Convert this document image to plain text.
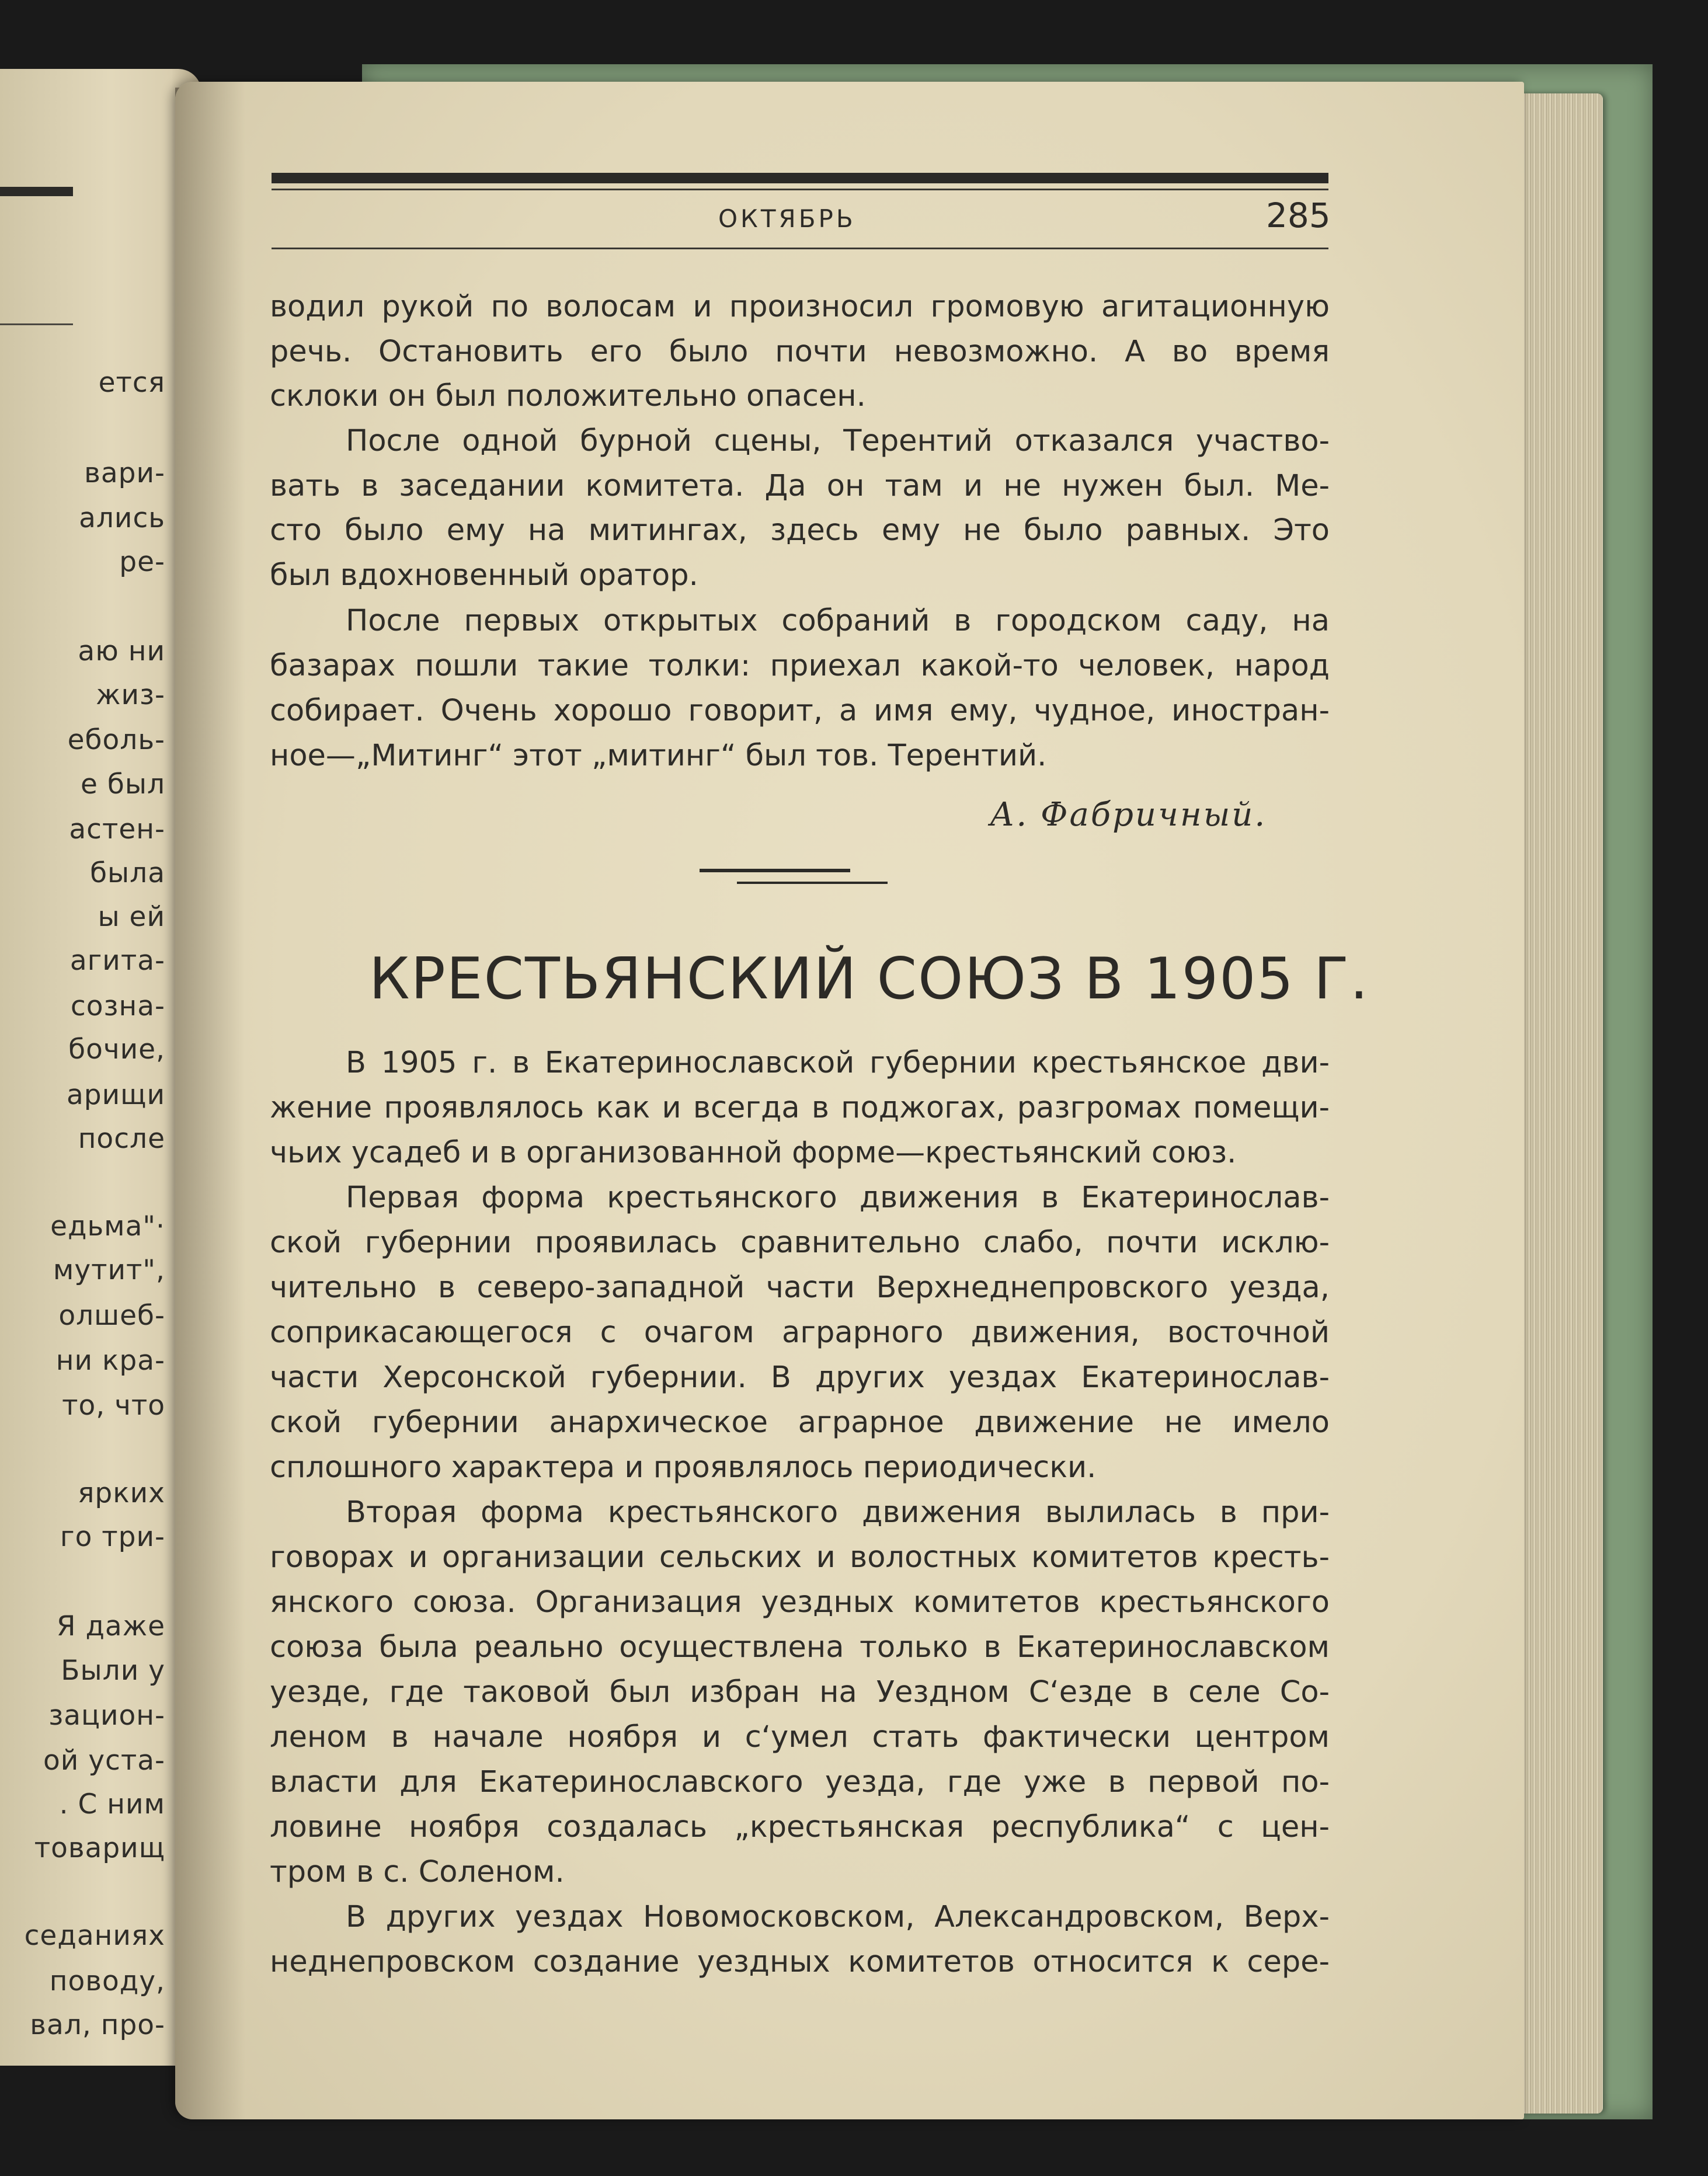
ется
вари-
ались
ре-
аю ни
жиз-
еболь-
е был
астен-
была
ы ей
агита-
созна-
бочие,
арищи
после
едьма"·
мутит",
олшеб-
ни кра-
то, что
ярких
го три-
Я даже
Были у
зацион-
ой уста-
. С ним
товарищ
седаниях
поводу,
вал, про-
ОКТЯБРЬ	285
водил рукой по волосам и произносил громовую агитационную
речь. Остановить его было почти невозможно. А во время
склоки он был положительно опасен.
После одной бурной сцены, Терентий отказался участво-
вать в заседании комитета. Да он там и не нужен был. Ме-
сто было ему на митингах, здесь ему не было равных. Это
был вдохновенный оратор.
После первых открытых собраний в городском саду, на
базарах пошли такие толки: приехал какой-то человек, народ
собирает. Очень хорошо говорит, а имя ему, чудное, иностран-
ное—„Митинг“ этот „митинг“ был тов. Терентий.
А. Фабричный.
КРЕСТЬЯНСКИЙ СОЮЗ В 1905 Г.
В 1905 г. в Екатеринославской губернии крестьянское дви-
жение проявлялось как и всегда в поджогах, разгромах помещи-
чьих усадеб и в организованной форме—крестьянский союз.
Первая форма крестьянского движения в Екатеринослав-
ской губернии проявилась сравнительно слабо, почти исклю-
чительно в северо-западной части Верхнеднепровского уезда,
соприкасающегося с очагом аграрного движения, восточной
части Херсонской губернии. В других уездах Екатеринослав-
ской губернии анархическое аграрное движение не имело
сплошного характера и проявлялось периодически.
Вторая форма крестьянского движения вылилась в при-
говорах и организации сельских и волостных комитетов кресть-
янского союза. Организация уездных комитетов крестьянского
союза была реально осуществлена только в Екатеринославском
уезде, где таковой был избран на Уездном С‘езде в селе Со-
леном в начале ноября и с‘умел стать фактически центром
власти для Екатеринославского уезда, где уже в первой по-
ловине ноября создалась „крестьянская республика“ с цен-
тром в с. Соленом.
В других уездах Новомосковском, Александровском, Верх-
неднепровском создание уездных комитетов относится к сере-
